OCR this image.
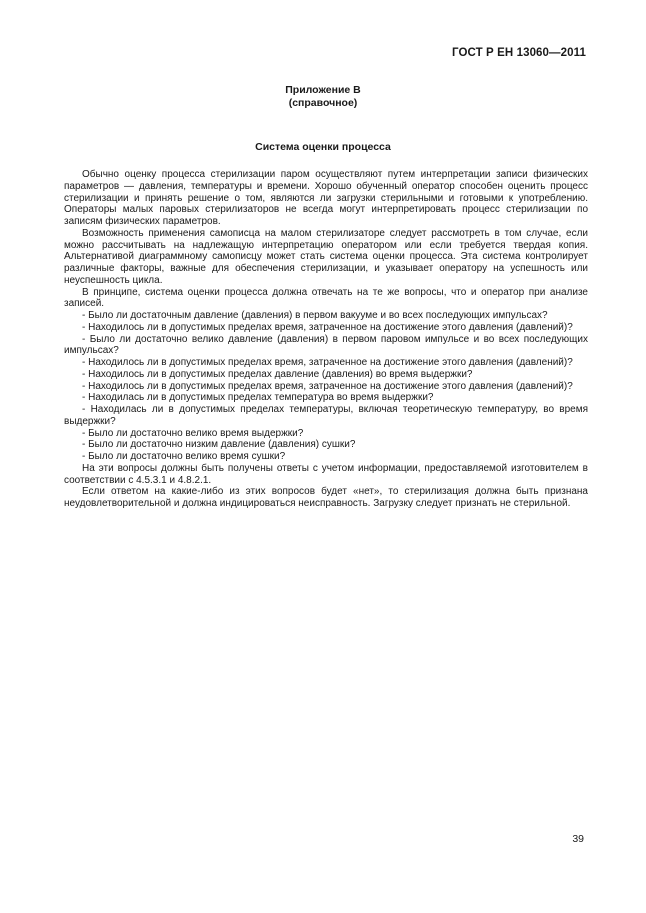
ГОСТ Р ЕН 13060—2011
Приложение В
(справочное)
Система оценки процесса

Обычно оценку процесса стерилизации паром осуществляют путем интерпретации записи физических параметров — давления, температуры и времени. Хорошо обученный оператор способен оценить процесс стерилизации и принять решение о том, являются ли загрузки стерильными и готовыми к употреблению. Операторы малых паровых стерилизаторов не всегда могут интерпретировать процесс стерилизации по записям физических параметров.

Возможность применения самописца на малом стерилизаторе следует рассмотреть в том случае, если можно рассчитывать на надлежащую интерпретацию оператором или если требуется твердая копия. Альтернативой диаграммному самописцу может стать система оценки процесса. Эта система контролирует различные факторы, важные для обеспечения стерилизации, и указывает оператору на успешность или неуспешность цикла.

В принципе, система оценки процесса должна отвечать на те же вопросы, что и оператор при анализе записей.

- Было ли достаточным давление (давления) в первом вакууме и во всех последующих импульсах?

- Находилось ли в допустимых пределах время, затраченное на достижение этого давления (давлений)?

- Было ли достаточно велико давление (давления) в первом паровом импульсе и во всех последующих импульсах?

- Находилось ли в допустимых пределах время, затраченное на достижение этого давления (давлений)?

- Находилось ли в допустимых пределах давление (давления) во время выдержки?

- Находилось ли в допустимых пределах время, затраченное на достижение этого давления (давлений)?

- Находилась ли в допустимых пределах температура во время выдержки?

- Находилась ли в допустимых пределах температуры, включая теоретическую температуру, во время выдержки?

- Было ли достаточно велико время выдержки?

- Было ли достаточно низким давление (давления) сушки?

- Было ли достаточно велико время сушки?

На эти вопросы должны быть получены ответы с учетом информации, предоставляемой изготовителем в соответствии с 4.5.3.1 и 4.8.2.1.

Если ответом на какие-либо из этих вопросов будет «нет», то стерилизация должна быть признана неудовлетворительной и должна индицироваться неисправность. Загрузку следует признать не стерильной.

39
